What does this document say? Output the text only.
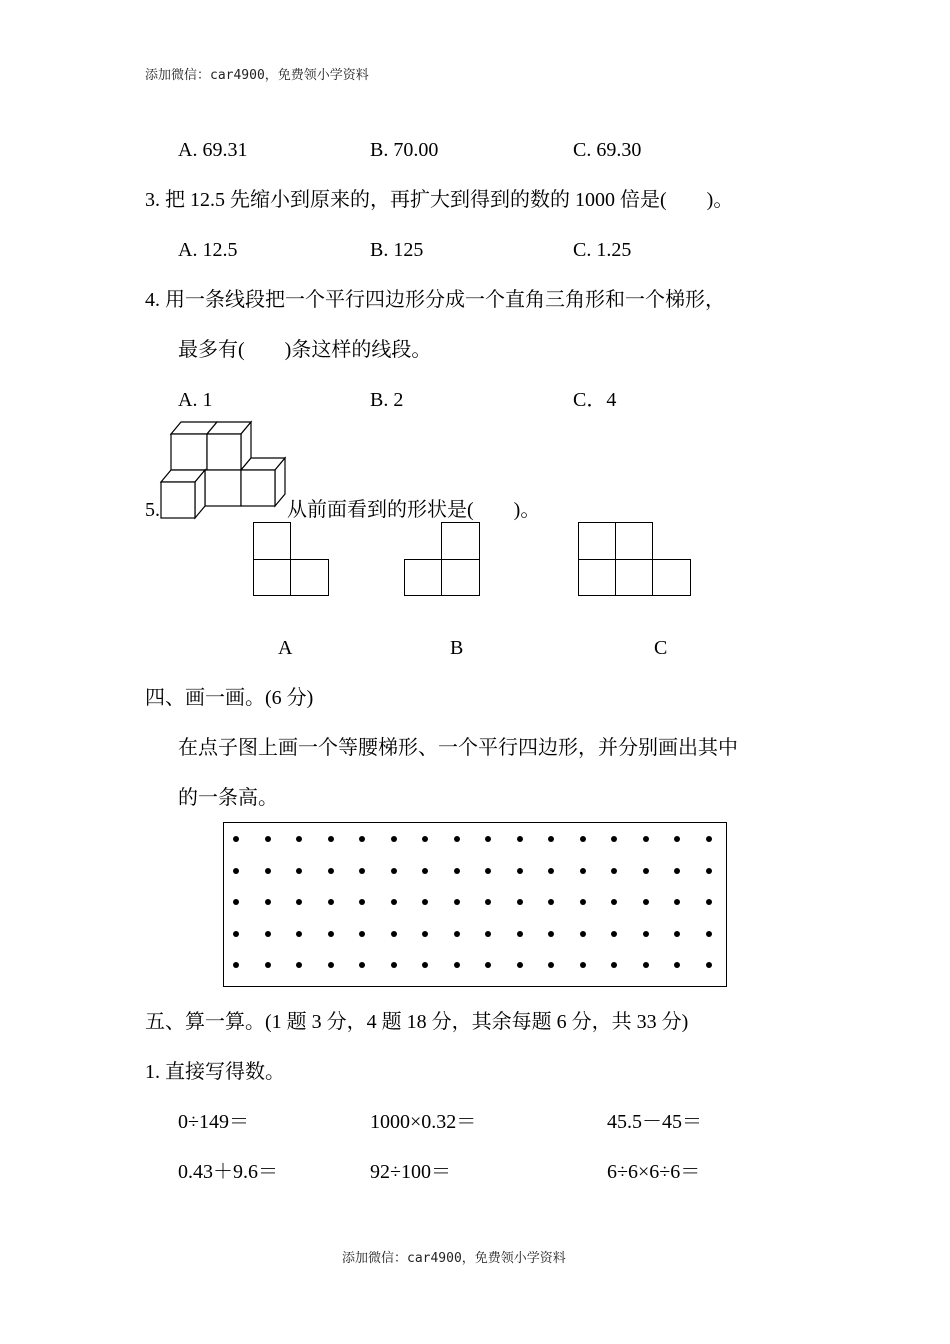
添加微信：car4900，免费领小学资料
A. 69.31	B. 70.00	C. 69.30
3. 把 12.5 先缩小到原来的，再扩大到得到的数的 1000 倍是(　　)。
A. 12.5	B. 125	C. 1.25
4. 用一条线段把一个平行四边形分成一个直角三角形和一个梯形，
最多有(　　)条这样的线段。
A. 1	B. 2	C．4
5.	从前面看到的形状是(　　)。
A	B	C
四、画一画。(6 分)
在点子图上画一个等腰梯形、一个平行四边形，并分别画出其中
的一条高。
五、算一算。(1 题 3 分，4 题 18 分，其余每题 6 分，共 33 分)
1. 直接写得数。
0÷149＝	1000×0.32＝	45.5－45＝
0.43＋9.6＝	92÷100＝	6÷6×6÷6＝
添加微信：car4900，免费领小学资料
